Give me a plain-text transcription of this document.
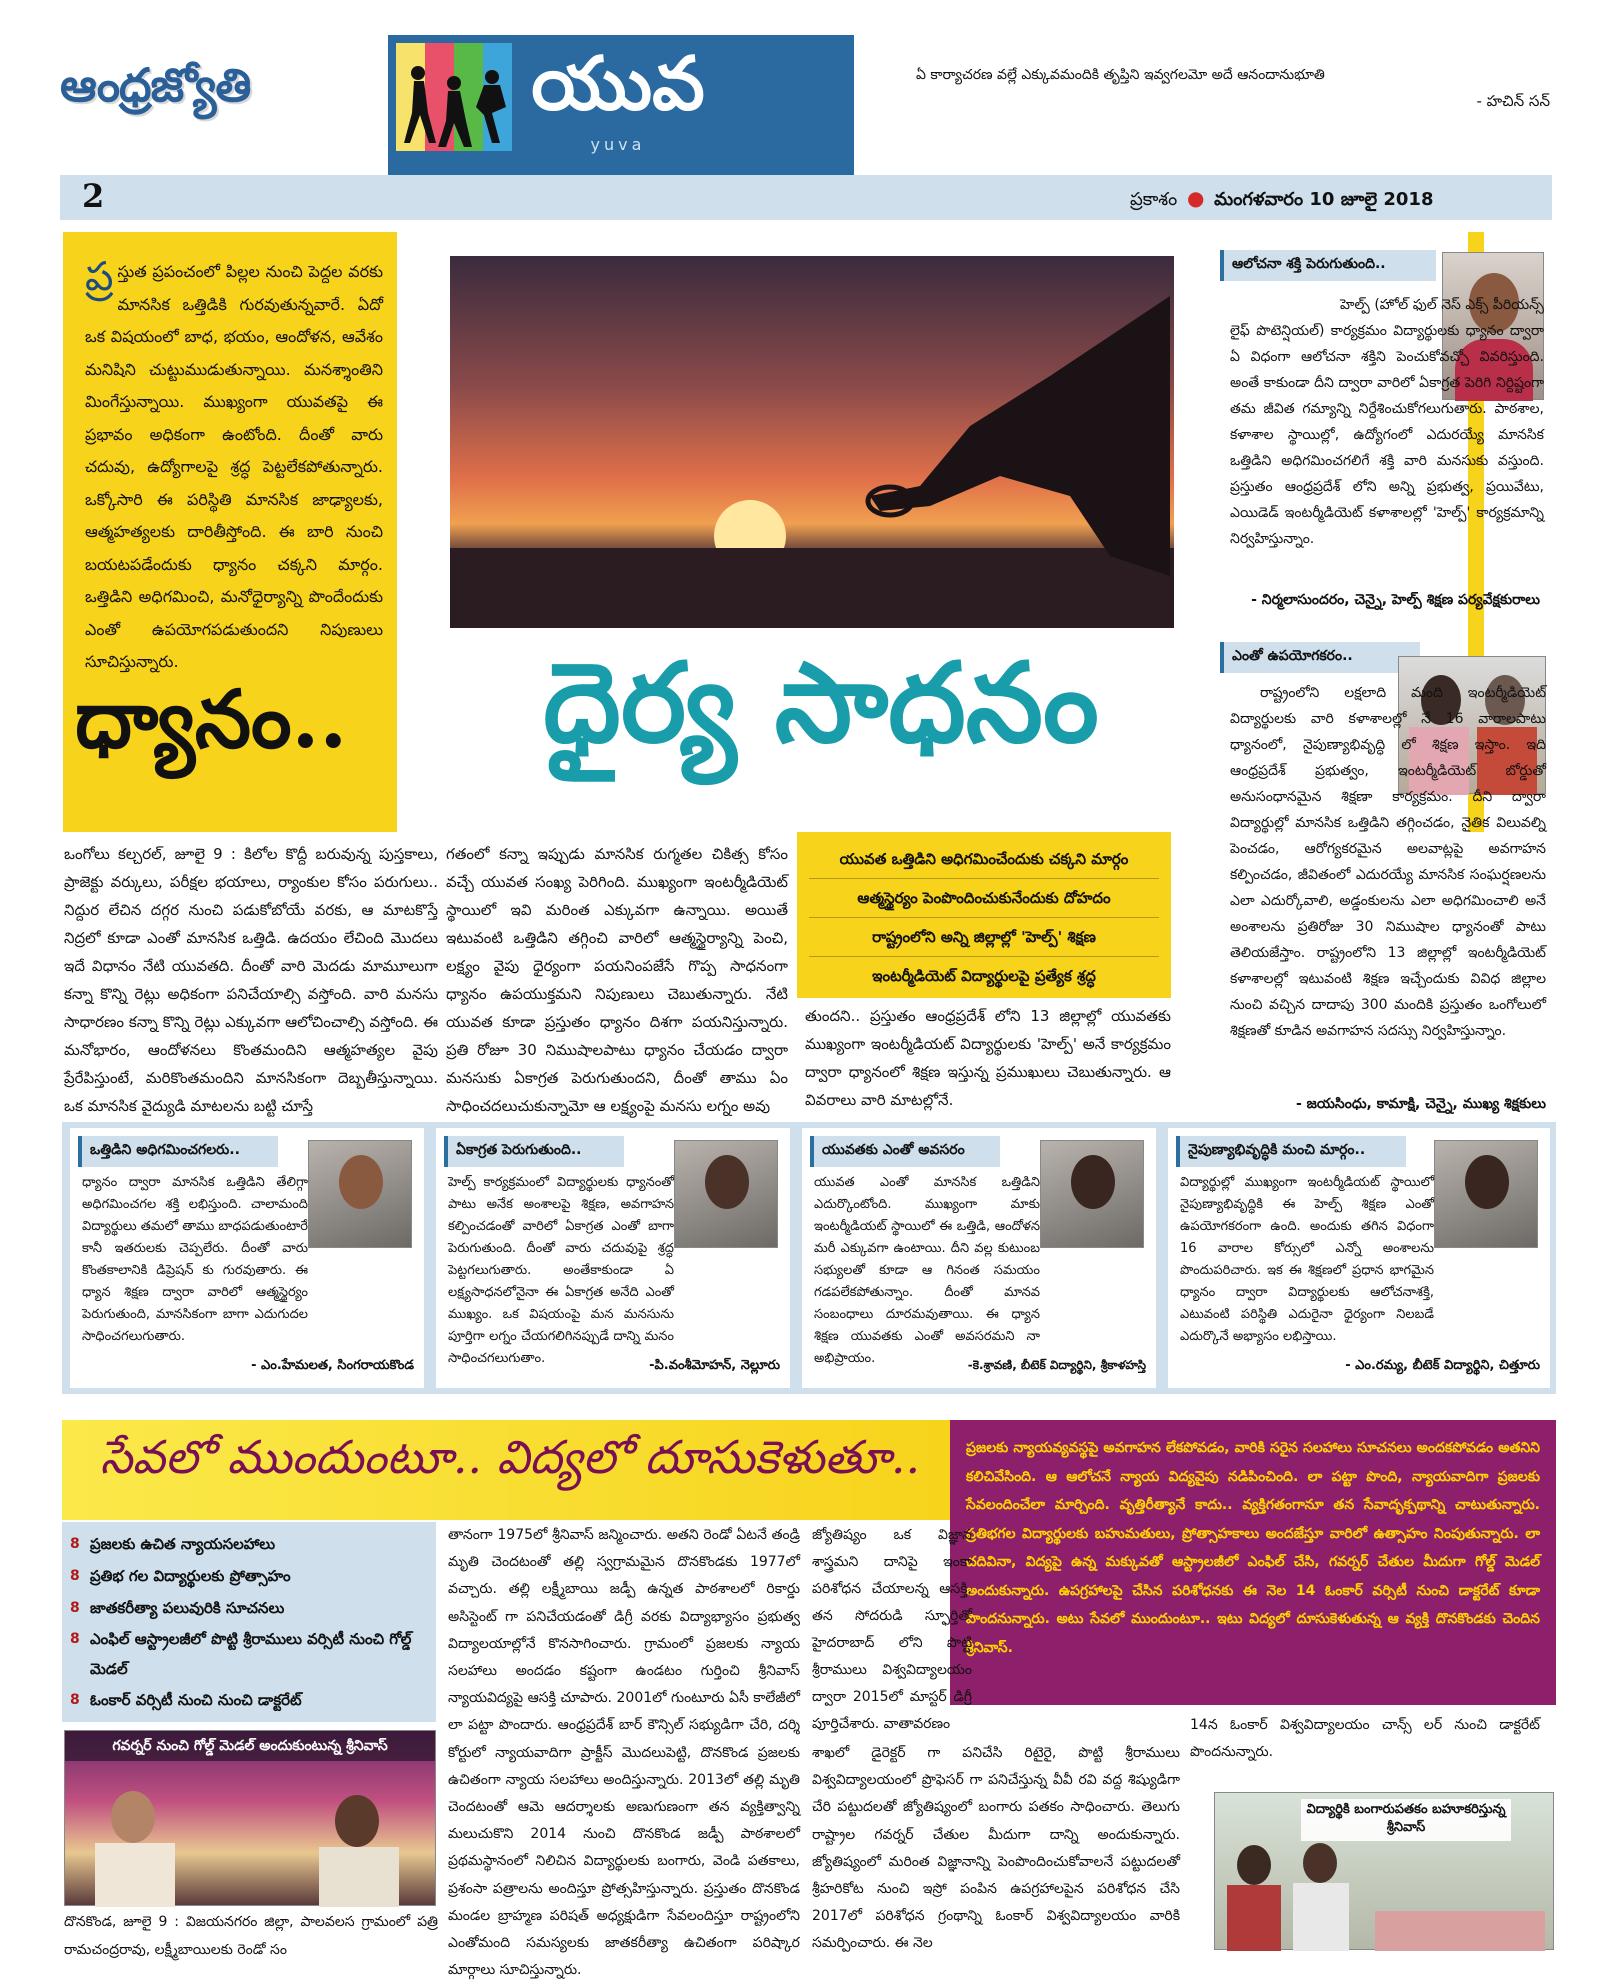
ఆంధ్రజ్యోతి	యువ
yuva
ఏ కార్యాచరణ వల్లే ఎక్కువమందికి తృప్తిని ఇవ్వగలమో అదే ఆనందానుభూతి
- హచిన్ సన్
2	ప్రకాశం ● మంగళవారం 10 జూలై 2018
ప్ర స్తుత ప్రపంచంలో పిల్లల నుంచి పెద్దల వరకు మానసిక ఒత్తిడికి గురవుతున్నవారే. ఏదో ఒక విషయంలో బాధ, భయం, ఆందోళన, ఆవేశం మనిషిని చుట్టుముడుతున్నాయి. మనశ్శాంతిని మింగేస్తున్నాయి. ముఖ్యంగా యువతపై ఈ ప్రభావం అధికంగా ఉంటోంది. దీంతో వారు చదువు, ఉద్యోగాలపై శ్రద్ధ పెట్టలేకపోతున్నారు. ఒక్కోసారి ఈ పరిస్థితి మానసిక జాఢ్యాలకు, ఆత్మహత్యలకు దారితీస్తోంది. ఈ బారి నుంచి బయటపడేందుకు ధ్యానం చక్కని మార్గం. ఒత్తిడిని అధిగమించి, మనోధైర్యాన్ని పొందేందుకు ఎంతో ఉపయోగపడుతుందని నిపుణులు సూచిస్తున్నారు.
ధ్యానం..	ధైర్య సాధనం
ఒంగోలు కల్చరల్, జూలై 9 : కిలోల కొద్దీ బరువున్న పుస్తకాలు, ప్రాజెక్టు వర్కులు, పరీక్షల భయాలు, ర్యాంకుల కోసం పరుగులు.. నిద్దుర లేచిన దగ్గర నుంచి పడుకోబోయే వరకు, ఆ మాటకొస్తే నిద్రలో కూడా ఎంతో మానసిక ఒత్తిడి. ఉదయం లేచింది మొదలు ఇదే విధానం నేటి యువతది. దీంతో వారి మెదడు మామూలుగా కన్నా కొన్ని రెట్లు అధికంగా పనిచేయాల్సి వస్తోంది. వారి మనసు సాధారణం కన్నా కొన్ని రెట్లు ఎక్కువగా ఆలోచించాల్సి వస్తోంది. ఈ మనోభారం, ఆందోళనలు కొంతమందిని ఆత్మహత్యల వైపు ప్రేరేపిస్తుంటే, మరికొంతమందిని మానసికంగా దెబ్బతీస్తున్నాయి. ఒక మానసిక వైద్యుడి మాటలను బట్టి చూస్తే
గతంలో కన్నా ఇప్పుడు మానసిక రుగ్మతల చికిత్స కోసం వచ్చే యువత సంఖ్య పెరిగింది. ముఖ్యంగా ఇంటర్మీడియెట్ స్థాయిలో ఇవి మరింత ఎక్కువగా ఉన్నాయి. అయితే ఇటువంటి ఒత్తిడిని తగ్గించి వారిలో ఆత్మస్థైర్యాన్ని పెంచి, లక్ష్యం వైపు ధైర్యంగా పయనింపజేసే గొప్ప సాధనంగా ధ్యానం ఉపయుక్తమని నిపుణులు చెబుతున్నారు. నేటి యువత కూడా ప్రస్తుతం ధ్యానం దిశగా పయనిస్తున్నారు. ప్రతి రోజూ 30 నిముషాలపాటు ధ్యానం చేయడం ద్వారా మనసుకు ఏకాగ్రత పెరుగుతుందని, దీంతో తాము ఏం సాధించదలుచుకున్నామో ఆ లక్ష్యంపై మనసు లగ్నం అవు
యువత ఒత్తిడిని అధిగమించేందుకు చక్కని మార్గం
ఆత్మస్థైర్యం పెంపొందించుకునేందుకు దోహదం
రాష్ట్రంలోని అన్ని జిల్లాల్లో 'హెల్ప్' శిక్షణ
ఇంటర్మీడియెట్ విద్యార్థులపై ప్రత్యేక శ్రద్ధ
తుందని.. ప్రస్తుతం ఆంధ్రప్రదేశ్ లోని 13 జిల్లాల్లో యువతకు ముఖ్యంగా ఇంటర్మీడియట్ విద్యార్థులకు 'హెల్ప్' అనే కార్యక్రమం ద్వారా ధ్యానంలో శిక్షణ ఇస్తున్న ప్రముఖులు చెబుతున్నారు. ఆ వివరాలు వారి మాటల్లోనే.
ఆలోచనా శక్తి పెరుగుతుంది..
హెల్ప్ (హోల్ ఫుల్ నెస్ ఎక్స్ పీరియన్స్ లైఫ్ పొటెన్షియల్) కార్యక్రమం విద్యార్థులకు ధ్యానం ద్వారా ఏ విధంగా ఆలోచనా శక్తిని పెంచుకోవచ్చో వివరిస్తుంది. అంతే కాకుండా దీని ద్వారా వారిలో ఏకాగ్రత పెరిగి నిర్దిష్టంగా తమ జీవిత గమ్యాన్ని నిర్దేశించుకోగలుగుతారు. పాఠశాల, కళాశాల స్థాయిల్లో, ఉద్యోగంలో ఎదురయ్యే మానసిక ఒత్తిడిని అధిగమించగలిగే శక్తి వారి మనసుకు వస్తుంది. ప్రస్తుతం ఆంధ్రప్రదేశ్ లోని అన్ని ప్రభుత్వ, ప్రయివేటు, ఎయిడెడ్ ఇంటర్మీడియెట్ కళాశాలల్లో 'హెల్ప్' కార్యక్రమాన్ని నిర్వహిస్తున్నాం.
- నిర్మలాసుందరం, చెన్నై, హెల్ప్ శిక్షణ పర్యవేక్షకురాలు
ఎంతో ఉపయోగకరం..
రాష్ట్రంలోని లక్షలాది మంది ఇంటర్మీడియెట్ విద్యార్థులకు వారి కళాశాలల్లో నే 16 వారాలపాటు ధ్యానంలో, నైపుణ్యాభివృద్ధి లో శిక్షణ ఇస్తాం. ఇది ఆంధ్రప్రదేశ్ ప్రభుత్వం, ఇంటర్మీడియెట్ బోర్డుతో అనుసంధానమైన శిక్షణా కార్యక్రమం. దీని ద్వారా విద్యార్థుల్లో మానసిక ఒత్తిడిని తగ్గించడం, నైతిక విలువల్ని పెంచడం, ఆరోగ్యకరమైన అలవాట్లపై అవగాహన కల్పించడం, జీవితంలో ఎదురయ్యే మానసిక సంఘర్షణలను ఎలా ఎదుర్కోవాలి, అడ్డంకులను ఎలా అధిగమించాలి అనే అంశాలను ప్రతిరోజు 30 నిముషాల ధ్యానంతో పాటు తెలియజేస్తాం. రాష్ట్రంలోని 13 జిల్లాల్లో ఇంటర్మీడియెట్ కళాశాలల్లో ఇటువంటి శిక్షణ ఇచ్చేందుకు వివిధ జిల్లాల నుంచి వచ్చిన దాదాపు 300 మందికి ప్రస్తుతం ఒంగోలులో శిక్షణతో కూడిన అవగాహన సదస్సు నిర్వహిస్తున్నాం.
- జయసింధు, కామాక్షి, చెన్నై, ముఖ్య శిక్షకులు
ఒత్తిడిని అధిగమించగలరు..
ధ్యానం ద్వారా మానసిక ఒత్తిడిని తేలిగ్గా అధిగమించగల శక్తి లభిస్తుంది. చాలామంది విద్యార్థులు తమలో తాము బాధపడుతుంటారే కానీ ఇతరులకు చెప్పలేరు. దీంతో వారు కొంతకాలానికి డిప్రెషన్ కు గురవుతారు. ఈ ధ్యాన శిక్షణ ద్వారా వారిలో ఆత్మస్థైర్యం పెరుగుతుంది, మానసికంగా బాగా ఎదుగుదల సాధించగలుగుతారు.
- ఎం.హేమలత, సింగరాయకొండ
ఏకాగ్రత పెరుగుతుంది..
హెల్ప్ కార్యక్రమంలో విద్యార్థులకు ధ్యానంతో పాటు అనేక అంశాలపై శిక్షణ, అవగాహన కల్పించడంతో వారిలో ఏకాగ్రత ఎంతో బాగా పెరుగుతుంది. దీంతో వారు చదువుపై శ్రద్ధ పెట్టగలుగుతారు. అంతేకాకుండా ఏ లక్ష్యసాధనలోనైనా ఈ ఏకాగ్రత అనేది ఎంతో ముఖ్యం. ఒక విషయంపై మన మనసును పూర్తిగా లగ్నం చేయగలిగినప్పుడే దాన్ని మనం సాధించగలుగుతాం.	-పి.వంశీమోహన్, నెల్లూరు
యువతకు ఎంతో అవసరం
యువత ఎంతో మానసిక ఒత్తిడిని ఎదుర్కొంటోంది. ముఖ్యంగా మాకు ఇంటర్మీడియట్ స్థాయిలో ఈ ఒత్తిడి, ఆందోళన మరీ ఎక్కువగా ఉంటాయి. దీని వల్ల కుటుంబ సభ్యులతో కూడా ఆ గినంత సమయం గడపలేకపోతున్నాం. దీంతో మానవ సంబంధాలు దూరమవుతాయి. ఈ ధ్యాన శిక్షణ యువతకు ఎంతో అవసరమని నా అభిప్రాయం.	-కె.శ్రావణి, బీటెక్ విద్యార్థిని, శ్రీకాళహస్తి
నైపుణ్యాభివృద్ధికి మంచి మార్గం..
విద్యార్థుల్లో ముఖ్యంగా ఇంటర్మీడియట్ స్థాయిలో నైపుణ్యాభివృద్ధికి ఈ హెల్ప్ శిక్షణ ఎంతో ఉపయోగకరంగా ఉంది. అందుకు తగిన విధంగా 16 వారాల కోర్సులో ఎన్నో అంశాలను పొందుపరిచారు. ఇక ఈ శిక్షణలో ప్రధాన భాగమైన ధ్యానం ద్వారా విద్యార్థులకు ఆలోచనాశక్తి, ఎటువంటి పరిస్థితి ఎదురైనా ధైర్యంగా నిలబడే ఎదుర్కొనే అభ్యాసం లభిస్తాయి.
- ఎం.రమ్య, బీటెక్ విద్యార్థిని, చిత్తూరు
సేవలో ముందుంటూ.. విద్యలో దూసుకెళుతూ..	ప్రజలకు న్యాయవ్యవస్థపై అవగాహన లేకపోవడం, వారికి సరైన సలహాలు సూచనలు అందకపోవడం అతనిని కలిచివేసింది. ఆ ఆలోచనే న్యాయ విద్యవైపు నడిపించింది. లా పట్టా పొంది, న్యాయవాదిగా ప్రజలకు సేవలందించేలా మార్చింది. వృత్తిరీత్యానే కాదు.. వ్యక్తిగతంగానూ తన సేవాదృక్పథాన్ని చాటుతున్నారు. ప్రతిభగల విద్యార్థులకు బహుమతులు, ప్రోత్సాహకాలు అందజేస్తూ వారిలో ఉత్సాహం నింపుతున్నారు. లా చదివినా, విద్యపై ఉన్న మక్కువతో ఆస్ట్రాలజీలో ఎంఫిల్ చేసి, గవర్నర్ చేతుల మీదుగా గోల్డ్ మెడల్ అందుకున్నారు. ఉపగ్రహాలపై చేసిన పరిశోధనకు ఈ నెల 14 ఓంకార్ వర్సిటీ నుంచి డాక్టరేట్ కూడా పొందనున్నారు. అటు సేవలో ముందుంటూ.. ఇటు విద్యలో దూసుకెళుతున్న ఆ వ్యక్తి దొనకొండకు చెందిన శ్రీనివాస్.
8 ప్రజలకు ఉచిత న్యాయసలహాలు
8 ప్రతిభ గల విద్యార్థులకు ప్రోత్సాహం
8 జాతకరీత్యా పలువురికి సూచనలు
8 ఎంఫిల్ ఆస్ట్రాలజీలో పొట్టి శ్రీరాములు వర్సిటీ నుంచి గోల్డ్ మెడల్
8 ఓంకార్ వర్సిటీ నుంచి నుంచి డాక్టరేట్
గవర్నర్ నుంచి గోల్డ్ మెడల్ అందుకుంటున్న శ్రీనివాస్
దొనకొండ, జూలై 9 : విజయనగరం జిల్లా, పాలవలస గ్రామంలో పత్రి రామచంద్రరావు, లక్ష్మీబాయిలకు రెండో సం
తానంగా 1975లో శ్రీనివాస్ జన్మించారు. అతని రెండో ఏటనే తండ్రి మృతి చెందటంతో తల్లి స్వగ్రామమైన దొనకొండకు 1977లో వచ్చారు. తల్లి లక్ష్మీబాయి జడ్పీ ఉన్నత పాఠశాలలో రికార్డు అసిస్టెంట్ గా పనిచేయడంతో డిగ్రీ వరకు విద్యాభ్యాసం ప్రభుత్వ విద్యాలయాల్లోనే కొనసాగించారు. గ్రామంలో ప్రజలకు న్యాయ సలహాలు అందడం కష్టంగా ఉండటం గుర్తించి శ్రీనివాస్ న్యాయవిద్యపై ఆసక్తి చూపారు. 2001లో గుంటూరు ఏసీ కాలేజీలో లా పట్టా పొందారు. ఆంధ్రప్రదేశ్ బార్ కౌన్సిల్ సభ్యుడిగా చేరి, దర్శి కోర్టులో న్యాయవాదిగా ప్రాక్టీస్ మొదలుపెట్టి, దొనకొండ ప్రజలకు ఉచితంగా న్యాయ సలహాలు అందిస్తున్నారు. 2013లో తల్లి మృతి చెందటంతో ఆమె ఆదర్శాలకు అణుగుణంగా తన వ్యక్తిత్వాన్ని మలుచుకొని 2014 నుంచి దొనకొండ జడ్పీ పాఠశాలలో ప్రథమస్థానంలో నిలిచిన విద్యార్థులకు బంగారు, వెండి పతకాలు, ప్రశంసా పత్రాలను అందిస్తూ ప్రోత్సహిస్తున్నారు. ప్రస్తుతం దొనకొండ మండల బ్రాహ్మణ పరిషత్ అధ్యక్షుడిగా సేవలందిస్తూ రాష్ట్రంలోని ఎంతోమంది సమస్యలకు జాతకరీత్యా ఉచితంగా పరిష్కార మార్గాలు సూచిస్తున్నారు.
జ్యోతిష్యం ఒక విజ్ఞాన శాస్త్రమని దానిపై ఇంకా పరిశోధన చేయాలన్న ఆసక్తి, తన సోదరుడి స్ఫూర్తితో హైదరాబాద్ లోని పొట్టి శ్రీరాములు విశ్వవిద్యాలయం ద్వారా 2015లో మాస్టర్ డిగ్రీ పూర్తిచేశారు. వాతావరణం
శాఖలో డైరెక్టర్ గా పనిచేసి రిటైరై, పొట్టి శ్రీరాములు విశ్వవిద్యాలయంలో ప్రొఫెసర్ గా పనిచేస్తున్న వీవీ రవి వద్ద శిష్యుడిగా చేరి పట్టుదలతో జ్యోతిష్యంలో బంగారు పతకం సాధించారు. తెలుగు రాష్ట్రాల గవర్నర్ చేతుల మీదుగా దాన్ని అందుకున్నారు. జ్యోతిష్యంలో మరింత విజ్ఞానాన్ని పెంపొందించుకోవాలనే పట్టుదలతో శ్రీహరికోట నుంచి ఇస్రో పంపిన ఉపగ్రహాలపైన పరిశోధన చేసి 2017లో పరిశోధన గ్రంథాన్ని ఓంకార్ విశ్వవిద్యాలయం వారికి సమర్పించారు. ఈ నెల
14న ఓంకార్ విశ్వవిద్యాలయం చాన్స్ లర్ నుంచి డాక్టరేట్ పొందనున్నారు.
విద్యార్థికి బంగారుపతకం బహూకరిస్తున్న శ్రీనివాస్
